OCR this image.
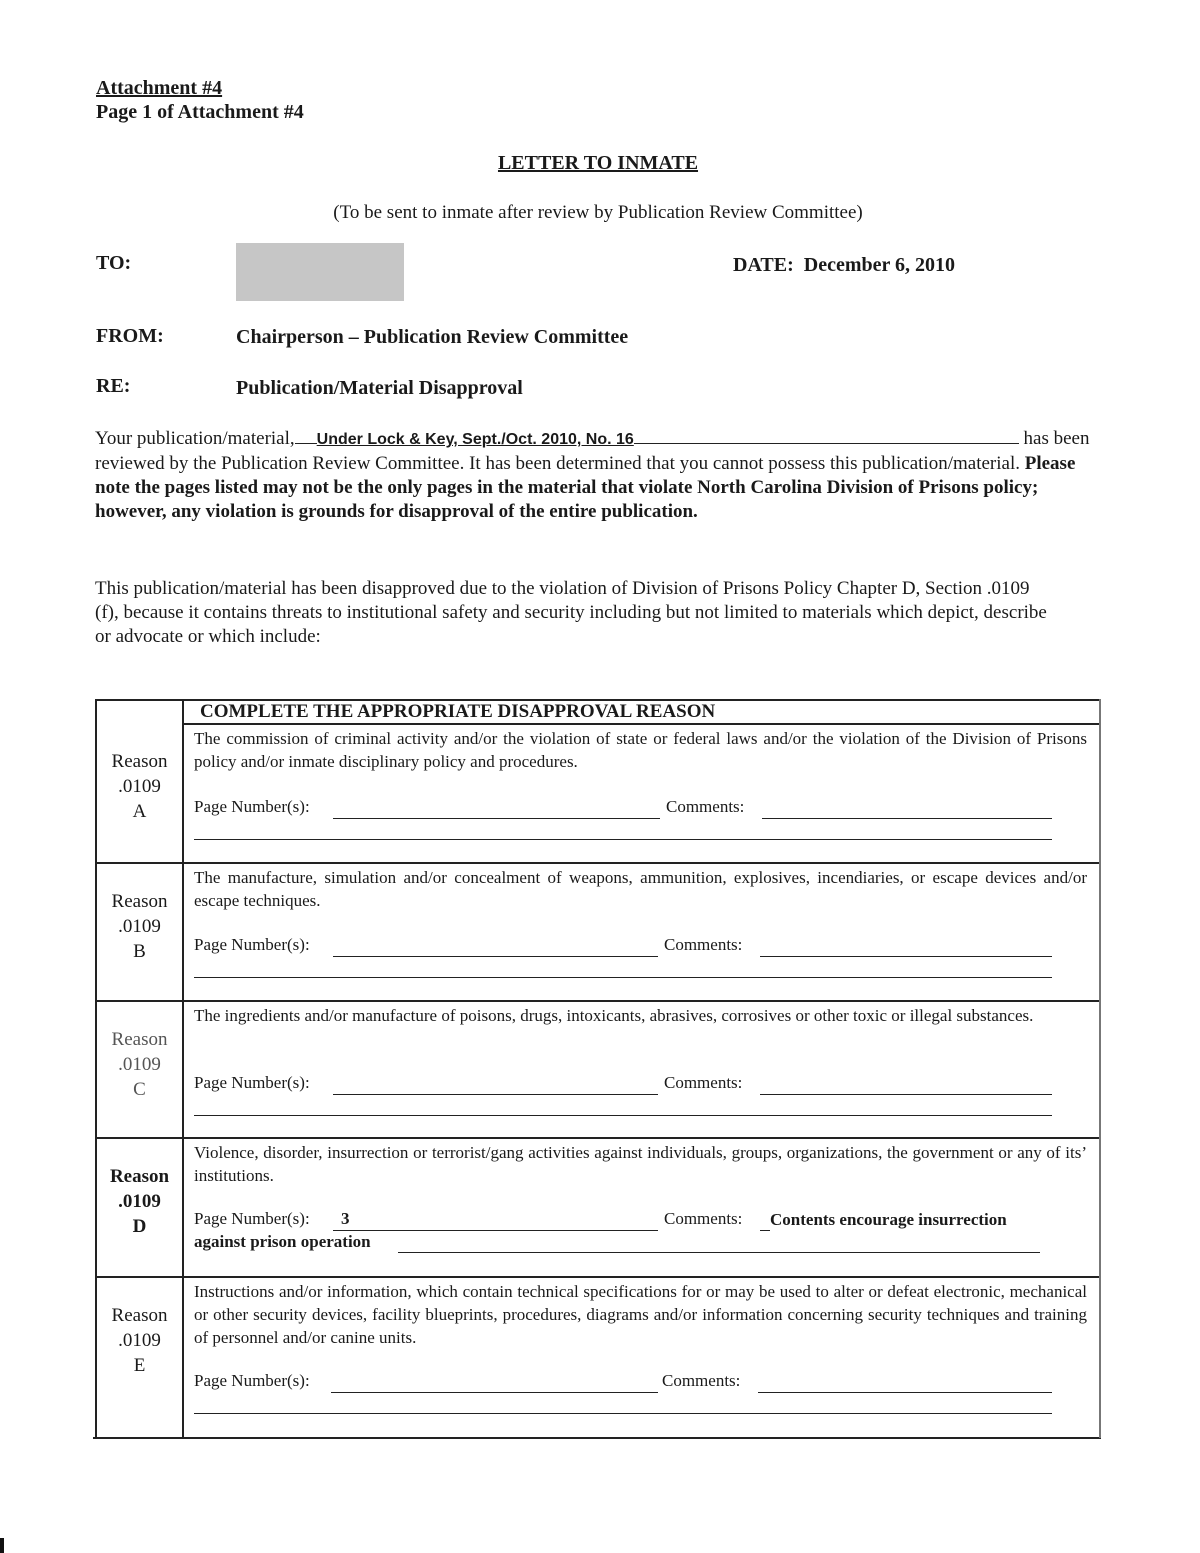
Attachment #4
Page 1 of Attachment #4
LETTER TO INMATE
(To be sent to inmate after review by Publication Review Committee)
TO:	DATE: December 6, 2010
FROM:	Chairperson – Publication Review Committee
RE:	Publication/Material Disapproval
Your publication/material, Under Lock & Key, Sept./Oct. 2010, No. 16	has been reviewed by the Publication Review Committee. It has been determined that you cannot possess this publication/material. Please note the pages listed may not be the only pages in the material that violate North Carolina Division of Prisons policy; however, any violation is grounds for disapproval of the entire publication.
This publication/material has been disapproved due to the violation of Division of Prisons Policy Chapter D, Section .0109 (f), because it contains threats to institutional safety and security including but not limited to materials which depict, describe or advocate or which include:
COMPLETE THE APPROPRIATE DISAPPROVAL REASON
Reason
.0109
A
The commission of criminal activity and/or the violation of state or federal laws and/or the violation of the Division of Prisons policy and/or inmate disciplinary policy and procedures.
Page Number(s):	Comments:
Reason
.0109
B
The manufacture, simulation and/or concealment of weapons, ammunition, explosives, incendiaries, or escape devices and/or escape techniques.
Page Number(s):	Comments:
Reason
.0109
C
The ingredients and/or manufacture of poisons, drugs, intoxicants, abrasives, corrosives or other toxic or illegal substances.
Page Number(s):	Comments:
Reason
.0109
D
Violence, disorder, insurrection or terrorist/gang activities against individuals, groups, organizations, the government or any of its’ institutions.
Page Number(s): 3	Comments: Contents encourage insurrection
against prison operation
Reason
.0109
E
Instructions and/or information, which contain technical specifications for or may be used to alter or defeat electronic, mechanical or other security devices, facility blueprints, procedures, diagrams and/or information concerning security techniques and training of personnel and/or canine units.
Page Number(s):	Comments:
